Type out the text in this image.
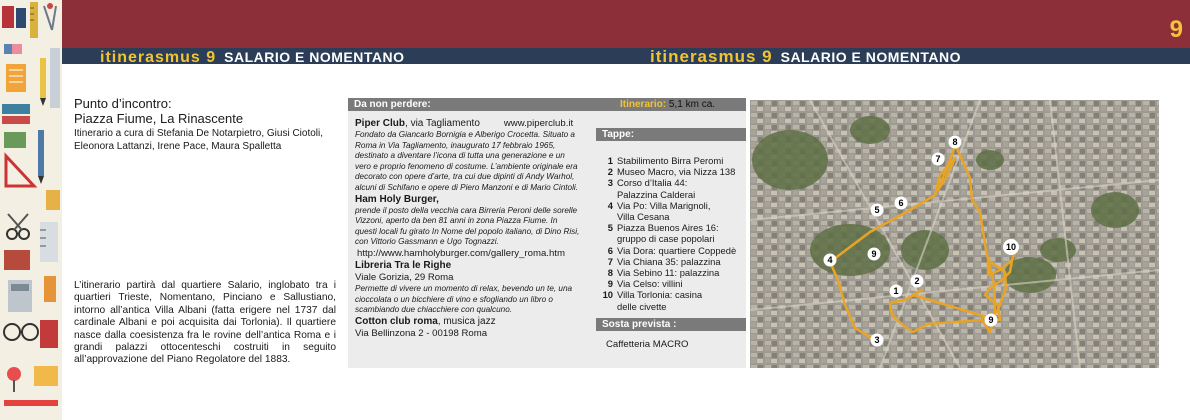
9
itinerasmus 9 SALARIO E NOMENTANO	itinerasmus 9 SALARIO E NOMENTANO
Punto d’incontro:
Piazza Fiume, La Rinascente
Itinerario a cura di Stefania De Notarpietro, Giusi Ciotoli, Eleonora Lattanzi, Irene Pace, Maura Spalletta
L’itinerario partirà dal quartiere Salario, inglobato tra i quartieri Trieste, Nomentano, Pinciano e Sallustiano, intorno all’antica Villa Albani (fatta erigere nel 1737 dal cardinale Albani e poi acquisita dai Torlonia). Il quartiere nasce dalla coesistenza fra le rovine dell’antica Roma e i grandi palazzi ottocenteschi costruiti in seguito all’approvazione del Piano Regolatore del 1883.
Da non perdere:	Itinerario: 5,1 km ca.
Piper Club, via Tagliamento	www.piperclub.it
Fondato da Giancarlo Bornigia e Alberigo Crocetta. Situato a Roma in Via Tagliamento, inaugurato 17 febbraio 1965, destinato a diventare l’icona di tutta una generazione e un vero e proprio fenomeno di costume. L’ambiente originale era decorato con opere d’arte, tra cui due dipinti di Andy Warhol, alcuni di Schifano e opere di Piero Manzoni e di Mario Cintoli.
Ham Holy Burger,
prende il posto della vecchia cara Birreria Peroni delle sorelle Vizzoni, aperto da ben 81 anni in zona Piazza Fiume. In questi locali fu girato In Nome del popolo italiano, di Dino Risi, con Vittorio Gassmann e Ugo Tognazzi.
http://www.hamholyburger.com/gallery_roma.htm
Libreria Tra le Righe
Viale Gorizia, 29 Roma
Permette di vivere un momento di relax, bevendo un te, una cioccolata o un bicchiere di vino e sfogliando un libro o scambiando due chiacchiere con qualcuno.
Cotton club roma, musica jazz
Via Bellinzona 2 - 00198 Roma
Tappe:
1 Stabilimento Birra Peromi
2 Museo Macro, via Nizza 138
3 Corso d’Italia 44:
Palazzina Calderai
4 Via Po: Villa Marignoli,
Villa Cesana
5 Piazza Buenos Aires 16:
gruppo di case popolari
6 Via Dora: quartiere Coppedè
7 Via Chiana 35: palazzina
8 Via Sebino 11: palazzina
9 Via Celso: villini
10 Villa Torlonia: casina
delle civette
Sosta prevista :
Caffetteria MACRO
1
2
3
4
5
6
7
8
9
9
10
